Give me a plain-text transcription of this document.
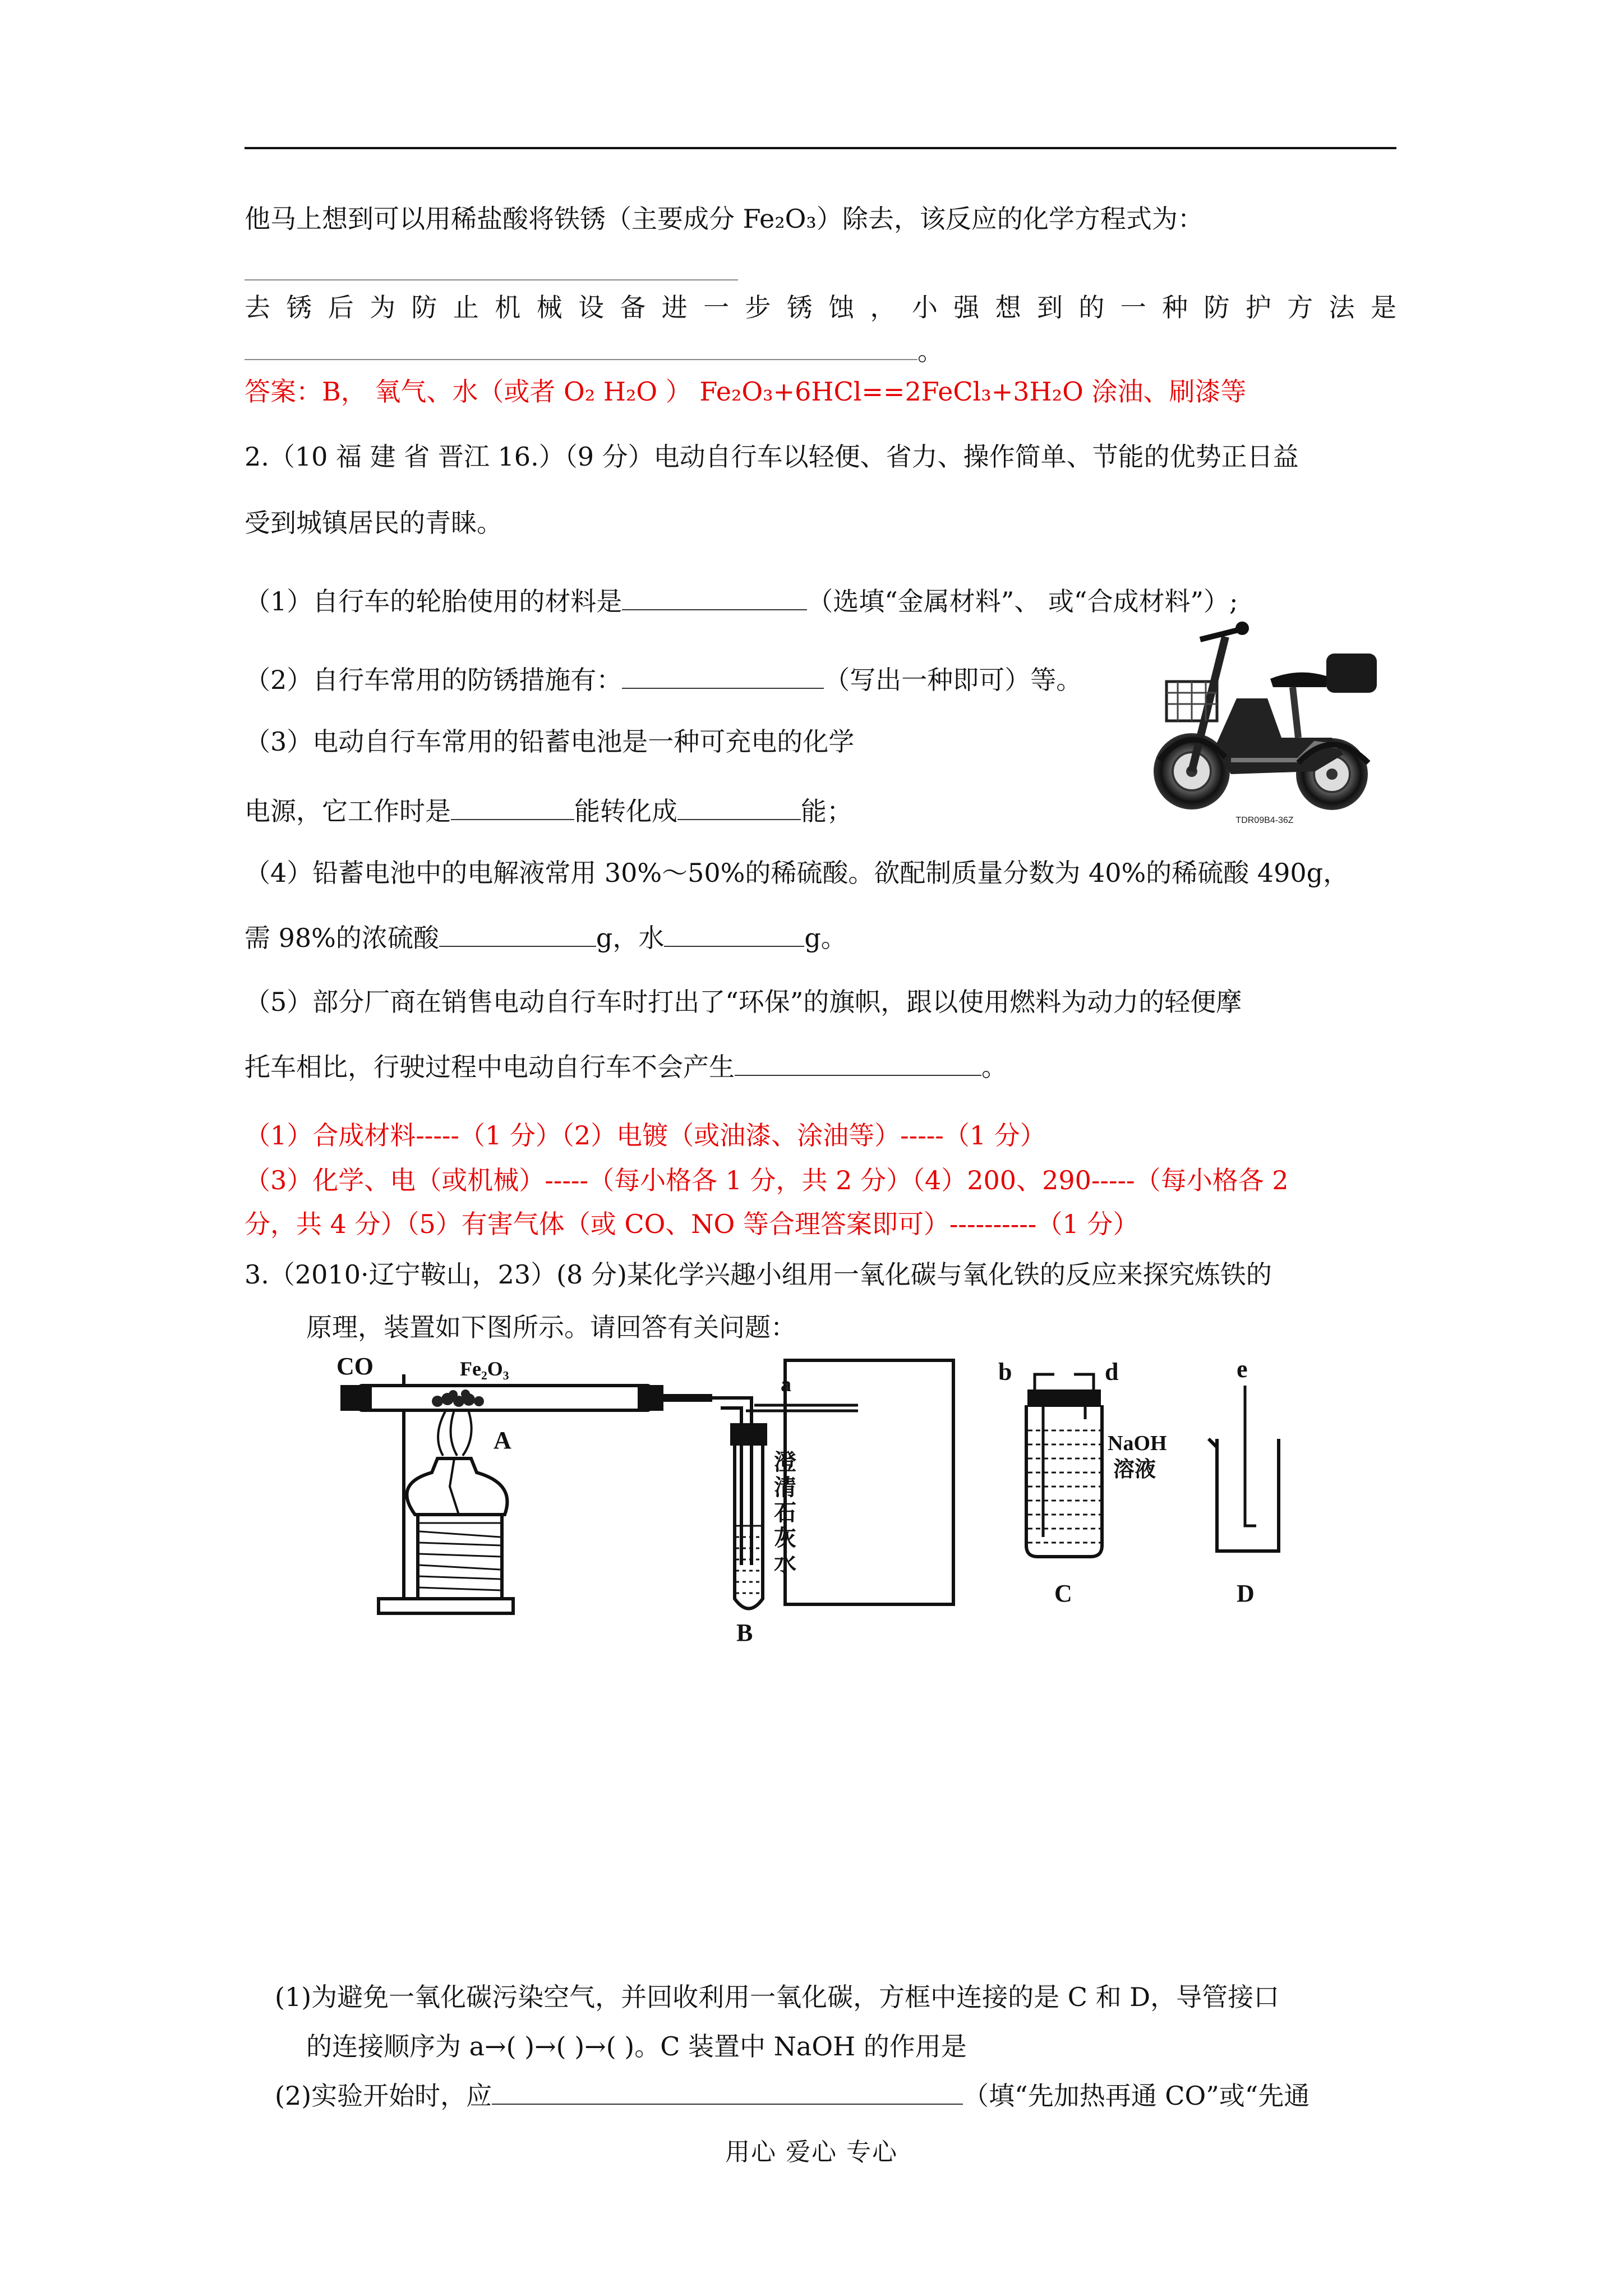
他马上想到可以用稀盐酸将铁锈（主要成分 Fe₂O₃）除去，该反应的化学方程式为：
去 锈 后 为 防 止 机 械 设 备 进 一 步 锈 蚀 ， 小 强 想 到 的 一 种 防 护 方 法 是
。
答案：B， 氧气、水（或者 O₂ H₂O ） Fe₂O₃+6HCl==2FeCl₃+3H₂O 涂油、刷漆等
2.（10 福 建 省 晋江 16.）（9 分）电动自行车以轻便、省力、操作简单、节能的优势正日益
受到城镇居民的青睐。
（1）自行车的轮胎使用的材料是	（选填“金属材料”、 或“合成材料”）;
（2）自行车常用的防锈措施有：	（写出一种即可）等。
（3）电动自行车常用的铅蓄电池是一种可充电的化学
电源，它工作时是	能转化成	能；	TDR09B4-36Z
（4）铅蓄电池中的电解液常用 30%～50%的稀硫酸。欲配制质量分数为 40%的稀硫酸 490g，
需 98%的浓硫酸	g，水	g。
（5）部分厂商在销售电动自行车时打出了“环保”的旗帜，跟以使用燃料为动力的轻便摩
托车相比，行驶过程中电动自行车不会产生	。
（1）合成材料-----（1 分）（2）电镀（或油漆、涂油等）-----（1 分）
（3）化学、电（或机械）-----（每小格各 1 分，共 2 分）（4）200、290-----（每小格各 2
分，共 4 分）（5）有害气体（或 CO、NO 等合理答案即可）----------（1 分）
3.（2010·辽宁鞍山，23）(8 分)某化学兴趣小组用一氧化碳与氧化铁的反应来探究炼铁的
原理，装置如下图所示。请回答有关问题：
CO	Fe₂O₃
A
B
澄
清
石
灰
水
a	b	d
NaOH
溶液
C
e
D
(1)为避免一氧化碳污染空气，并回收利用一氧化碳，方框中连接的是 C 和 D，导管接口
的连接顺序为 a→( )→( )→( )。C 装置中 NaOH 的作用是
(2)实验开始时，应	（填“先加热再通 CO”或“先通
用心 爱心 专心
